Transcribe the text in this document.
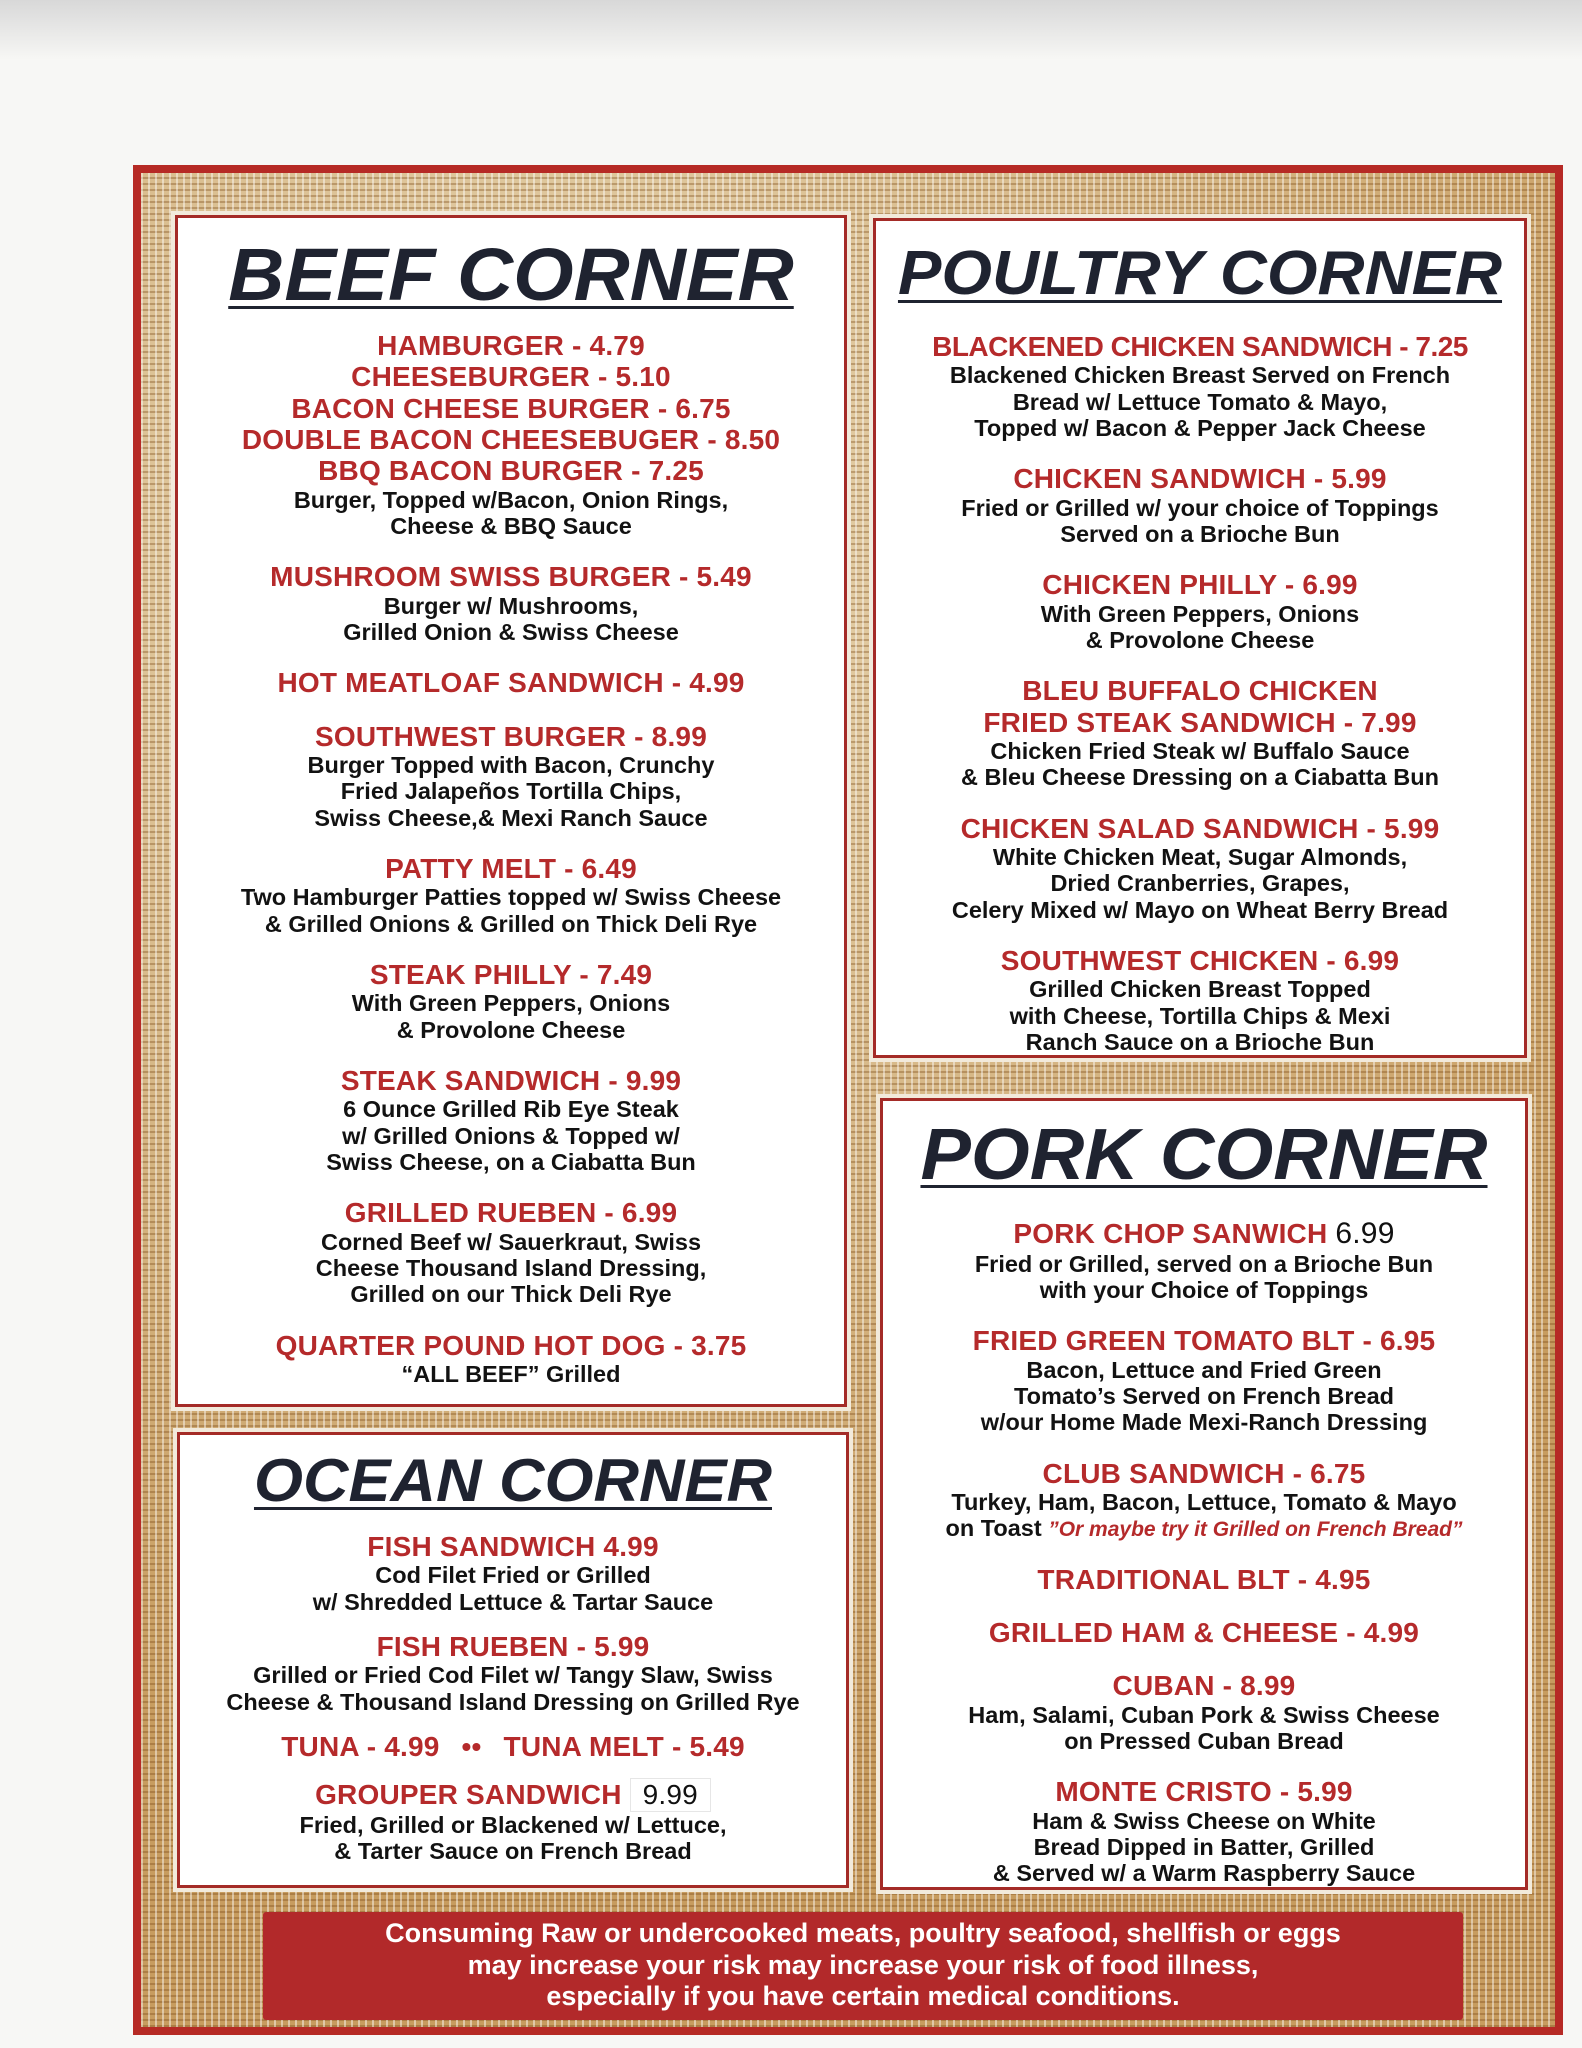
BEEF CORNER

HAMBURGER - 4.79

CHEESEBURGER - 5.10

BACON CHEESE BURGER - 6.75

DOUBLE BACON CHEESEBUGER - 8.50

BBQ BACON BURGER - 7.25

Burger, Topped w/Bacon, Onion Rings,

Cheese & BBQ Sauce

MUSHROOM SWISS BURGER - 5.49

Burger w/ Mushrooms,

Grilled Onion & Swiss Cheese

HOT MEATLOAF SANDWICH - 4.99

SOUTHWEST BURGER - 8.99

Burger Topped with Bacon, Crunchy

Fried Jalapeños Tortilla Chips,

Swiss Cheese,& Mexi Ranch Sauce

PATTY MELT - 6.49

Two Hamburger Patties topped w/ Swiss Cheese

& Grilled Onions & Grilled on Thick Deli Rye

STEAK PHILLY - 7.49

With Green Peppers, Onions

& Provolone Cheese

STEAK SANDWICH - 9.99

6 Ounce Grilled Rib Eye Steak

w/ Grilled Onions & Topped w/

Swiss Cheese, on a Ciabatta Bun

GRILLED RUEBEN - 6.99

Corned Beef w/ Sauerkraut, Swiss

Cheese Thousand Island Dressing,

Grilled on our Thick Deli Rye

QUARTER POUND HOT DOG - 3.75

“ALL BEEF” Grilled

POULTRY CORNER

BLACKENED CHICKEN SANDWICH - 7.25

Blackened Chicken Breast Served on French

Bread w/ Lettuce Tomato & Mayo,

Topped w/ Bacon & Pepper Jack Cheese

CHICKEN SANDWICH - 5.99

Fried or Grilled w/ your choice of Toppings

Served on a Brioche Bun

CHICKEN PHILLY - 6.99

With Green Peppers, Onions

& Provolone Cheese

BLEU BUFFALO CHICKEN

FRIED STEAK SANDWICH - 7.99

Chicken Fried Steak w/ Buffalo Sauce

& Bleu Cheese Dressing on a Ciabatta Bun

CHICKEN SALAD SANDWICH - 5.99

White Chicken Meat, Sugar Almonds,

Dried Cranberries, Grapes,

Celery Mixed w/ Mayo on Wheat Berry Bread

SOUTHWEST CHICKEN - 6.99

Grilled Chicken Breast Topped

with Cheese, Tortilla Chips & Mexi

Ranch Sauce on a Brioche Bun

PORK CORNER

PORK CHOP SANWICH 6.99

Fried or Grilled, served on a Brioche Bun

with your Choice of Toppings

FRIED GREEN TOMATO BLT - 6.95

Bacon, Lettuce and Fried Green

Tomato’s Served on French Bread

w/our Home Made Mexi-Ranch Dressing

CLUB SANDWICH - 6.75

Turkey, Ham, Bacon, Lettuce, Tomato & Mayo

on Toast ”Or maybe try it Grilled on French Bread”

TRADITIONAL BLT - 4.95

GRILLED HAM & CHEESE - 4.99

CUBAN - 8.99

Ham, Salami, Cuban Pork & Swiss Cheese

on Pressed Cuban Bread

MONTE CRISTO - 5.99

Ham & Swiss Cheese on White

Bread Dipped in Batter, Grilled

& Served w/ a Warm Raspberry Sauce

OCEAN CORNER

FISH SANDWICH 4.99

Cod Filet Fried or Grilled

w/ Shredded Lettuce & Tartar Sauce

FISH RUEBEN - 5.99

Grilled or Fried Cod Filet w/ Tangy Slaw, Swiss

Cheese & Thousand Island Dressing on Grilled Rye

TUNA - 4.99 •• TUNA MELT - 5.49

GROUPER SANDWICH 9.99

Fried, Grilled or Blackened w/ Lettuce,

& Tarter Sauce on French Bread

Consuming Raw or undercooked meats, poultry seafood, shellfish or eggs
may increase your risk may increase your risk of food illness,
especially if you have certain medical conditions.
